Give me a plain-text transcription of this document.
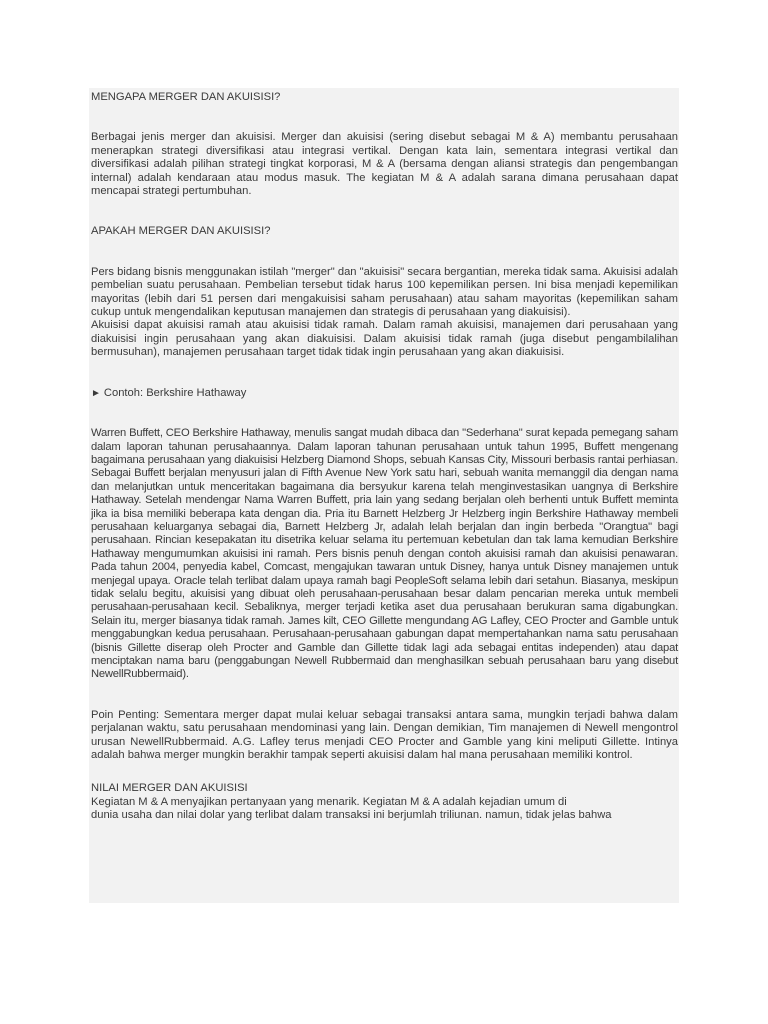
MENGAPA MERGER DAN AKUISISI?

Berbagai jenis merger dan akuisisi. Merger dan akuisisi (sering disebut sebagai M & A) membantu perusahaan menerapkan strategi diversifikasi atau integrasi vertikal. Dengan kata lain, sementara integrasi vertikal dan diversifikasi adalah pilihan strategi tingkat korporasi, M & A (bersama dengan aliansi strategis dan pengembangan internal) adalah kendaraan atau modus masuk. The kegiatan M & A adalah sarana dimana perusahaan dapat mencapai strategi pertumbuhan.

APAKAH MERGER DAN AKUISISI?

Pers bidang bisnis menggunakan istilah "merger" dan "akuisisi" secara bergantian, mereka tidak sama. Akuisisi adalah pembelian suatu perusahaan. Pembelian tersebut tidak harus 100 kepemilikan persen. Ini bisa menjadi kepemilikan mayoritas (lebih dari 51 persen dari mengakuisisi saham perusahaan) atau saham mayoritas (kepemilikan saham cukup untuk mengendalikan keputusan manajemen dan strategis di perusahaan yang diakuisisi).

Akuisisi dapat akuisisi ramah atau akuisisi tidak ramah. Dalam ramah akuisisi, manajemen dari perusahaan yang diakuisisi ingin perusahaan yang akan diakuisisi. Dalam akuisisi tidak ramah (juga disebut pengambilalihan bermusuhan), manajemen perusahaan target tidak tidak ingin perusahaan yang akan diakuisisi.

► Contoh: Berkshire Hathaway

Warren Buffett, CEO Berkshire Hathaway, menulis sangat mudah dibaca dan "Sederhana" surat kepada pemegang saham dalam laporan tahunan perusahaannya. Dalam laporan tahunan perusahaan untuk tahun 1995, Buffett mengenang bagaimana perusahaan yang diakuisisi Helzberg Diamond Shops, sebuah Kansas City, Missouri berbasis rantai perhiasan. Sebagai Buffett berjalan menyusuri jalan di Fifth Avenue New York satu hari, sebuah wanita memanggil dia dengan nama dan melanjutkan untuk menceritakan bagaimana dia bersyukur karena telah menginvestasikan uangnya di Berkshire Hathaway. Setelah mendengar Nama Warren Buffett, pria lain yang sedang berjalan oleh berhenti untuk Buffett meminta jika ia bisa memiliki beberapa kata dengan dia. Pria itu Barnett Helzberg Jr Helzberg ingin Berkshire Hathaway membeli perusahaan keluarganya sebagai dia, Barnett Helzberg Jr, adalah lelah berjalan dan ingin berbeda "Orangtua" bagi perusahaan. Rincian kesepakatan itu disetrika keluar selama itu pertemuan kebetulan dan tak lama kemudian Berkshire Hathaway mengumumkan akuisisi ini ramah. Pers bisnis penuh dengan contoh akuisisi ramah dan akuisisi penawaran. Pada tahun 2004, penyedia kabel, Comcast, mengajukan tawaran untuk Disney, hanya untuk Disney manajemen untuk menjegal upaya. Oracle telah terlibat dalam upaya ramah bagi PeopleSoft selama lebih dari setahun. Biasanya, meskipun tidak selalu begitu, akuisisi yang dibuat oleh perusahaan-perusahaan besar dalam pencarian mereka untuk membeli perusahaan-perusahaan kecil. Sebaliknya, merger terjadi ketika aset dua perusahaan berukuran sama digabungkan. Selain itu, merger biasanya tidak ramah. James kilt, CEO Gillette mengundang AG Lafley, CEO Procter and Gamble untuk menggabungkan kedua perusahaan. Perusahaan-perusahaan gabungan dapat mempertahankan nama satu perusahaan (bisnis Gillette diserap oleh Procter and Gamble dan Gillette tidak lagi ada sebagai entitas independen) atau dapat menciptakan nama baru (penggabungan Newell Rubbermaid dan menghasilkan sebuah perusahaan baru yang disebut NewellRubbermaid).

Poin Penting: Sementara merger dapat mulai keluar sebagai transaksi antara sama, mungkin terjadi bahwa dalam perjalanan waktu, satu perusahaan mendominasi yang lain. Dengan demikian, Tim manajemen di Newell mengontrol urusan NewellRubbermaid. A.G. Lafley terus menjadi CEO Procter and Gamble yang kini meliputi Gillette. Intinya adalah bahwa merger mungkin berakhir tampak seperti akuisisi dalam hal mana perusahaan memiliki kontrol.

NILAI MERGER DAN AKUISISI

Kegiatan M & A menyajikan pertanyaan yang menarik. Kegiatan M & A adalah kejadian umum di

dunia usaha dan nilai dolar yang terlibat dalam transaksi ini berjumlah triliunan. namun, tidak jelas bahwa
